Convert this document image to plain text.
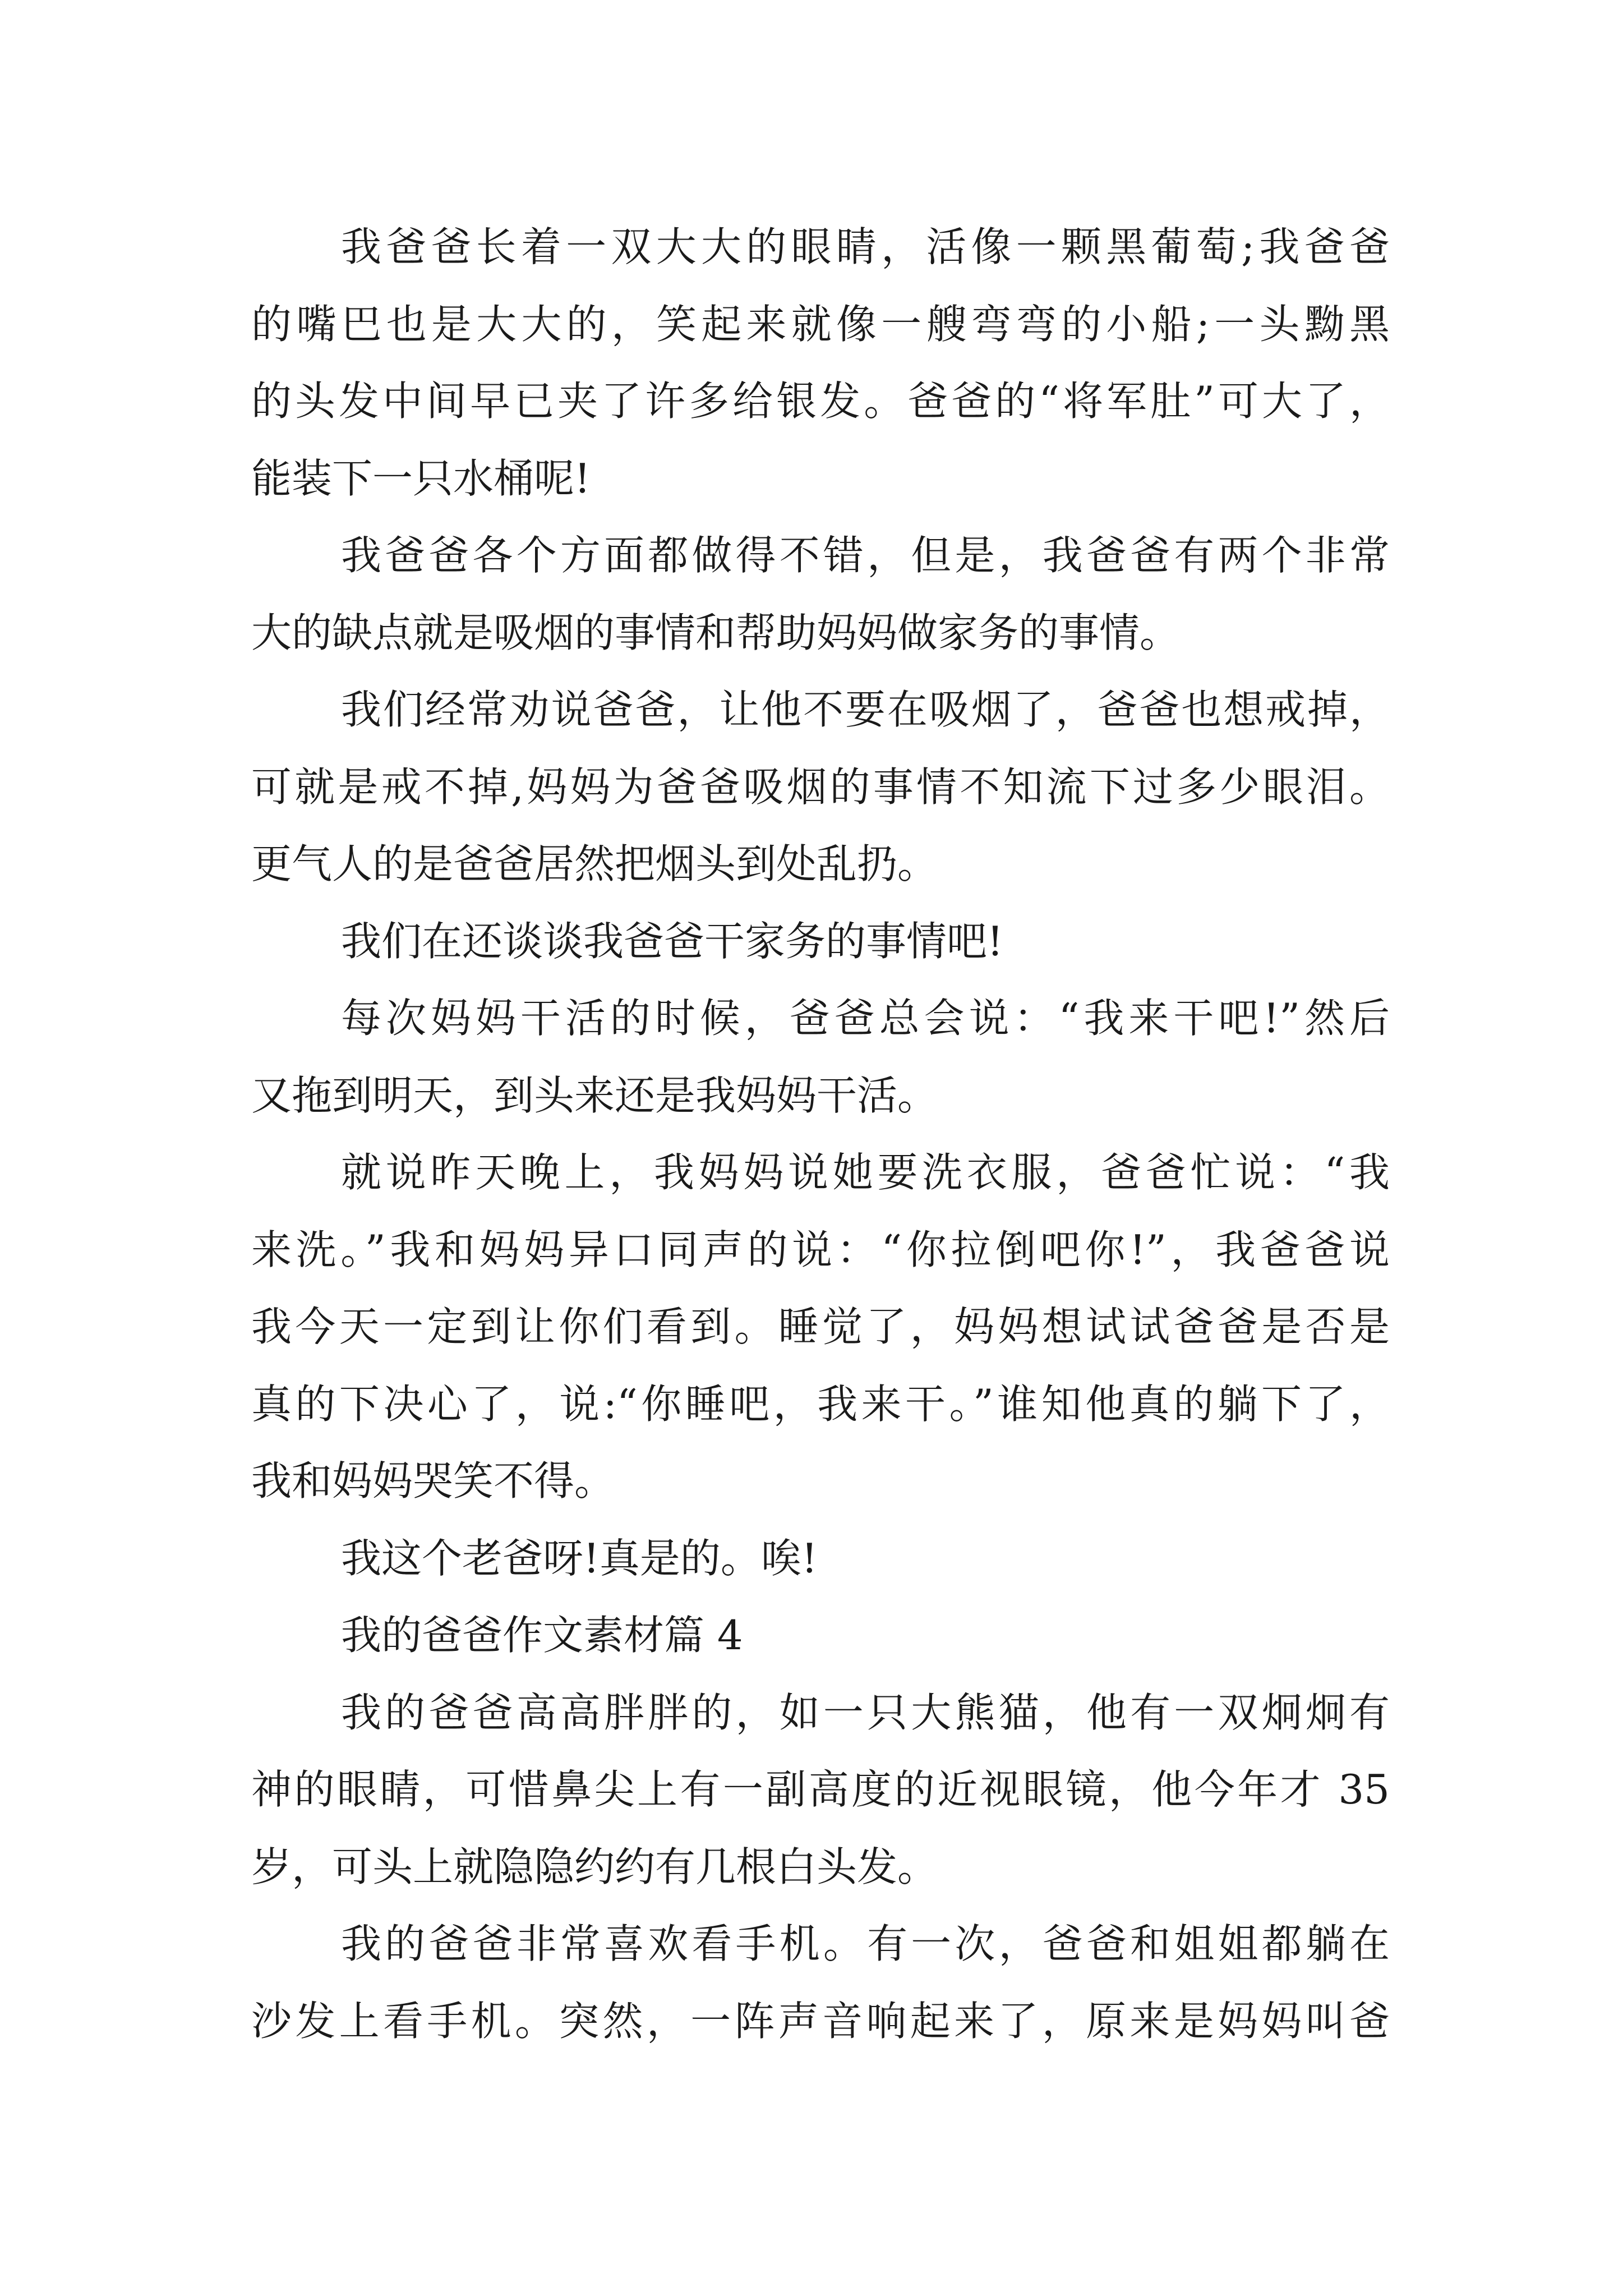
我爸爸长着一双大大的眼睛，活像一颗黑葡萄;我爸爸
的嘴巴也是大大的，笑起来就像一艘弯弯的小船;一头黝黑
的头发中间早已夹了许多给银发。爸爸的“将军肚”可大了，
能装下一只水桶呢!
我爸爸各个方面都做得不错，但是，我爸爸有两个非常
大的缺点就是吸烟的事情和帮助妈妈做家务的事情。
我们经常劝说爸爸，让他不要在吸烟了，爸爸也想戒掉，
可就是戒不掉,妈妈为爸爸吸烟的事情不知流下过多少眼泪。
更气人的是爸爸居然把烟头到处乱扔。
我们在还谈谈我爸爸干家务的事情吧!
每次妈妈干活的时候，爸爸总会说：“我来干吧!”然后
又拖到明天，到头来还是我妈妈干活。
就说昨天晚上，我妈妈说她要洗衣服，爸爸忙说：“我
来洗。”我和妈妈异口同声的说：“你拉倒吧你!”，我爸爸说
我今天一定到让你们看到。睡觉了，妈妈想试试爸爸是否是
真的下决心了，说:“你睡吧，我来干。”谁知他真的躺下了，
我和妈妈哭笑不得。
我这个老爸呀!真是的。唉!
我的爸爸作文素材篇 4
我的爸爸高高胖胖的，如一只大熊猫，他有一双炯炯有
神的眼睛，可惜鼻尖上有一副高度的近视眼镜，他今年才 35
岁，可头上就隐隐约约有几根白头发。
我的爸爸非常喜欢看手机。有一次，爸爸和姐姐都躺在
沙发上看手机。突然，一阵声音响起来了，原来是妈妈叫爸
